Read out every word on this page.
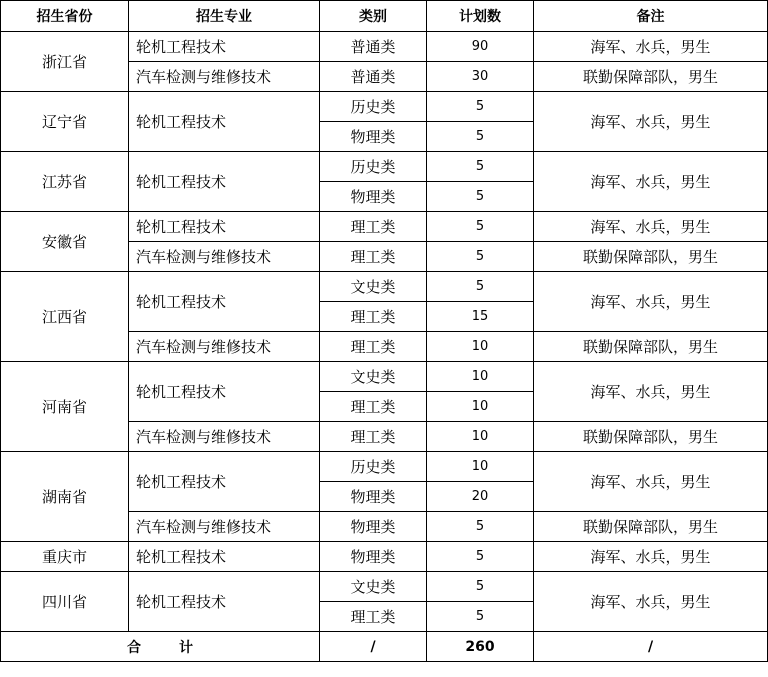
招生省份	招生专业	类别	计划数	备注
浙江省	轮机工程技术	普通类	90	海军、水兵，男生
	汽车检测与维修技术	普通类	30	联勤保障部队，男生
辽宁省	轮机工程技术	历史类	5	海军、水兵，男生
		物理类	5	
江苏省	轮机工程技术	历史类	5	海军、水兵，男生
		物理类	5	
安徽省	轮机工程技术	理工类	5	海军、水兵，男生
	汽车检测与维修技术	理工类	5	联勤保障部队，男生
江西省	轮机工程技术	文史类	5	海军、水兵，男生
		理工类	15	
	汽车检测与维修技术	理工类	10	联勤保障部队，男生
河南省	轮机工程技术	文史类	10	海军、水兵，男生
		理工类	10	
	汽车检测与维修技术	理工类	10	联勤保障部队，男生
湖南省	轮机工程技术	历史类	10	海军、水兵，男生
		物理类	20	
	汽车检测与维修技术	物理类	5	联勤保障部队，男生
重庆市	轮机工程技术	物理类	5	海军、水兵，男生
四川省	轮机工程技术	文史类	5	海军、水兵，男生
		理工类	5	
合计		/	260	/
